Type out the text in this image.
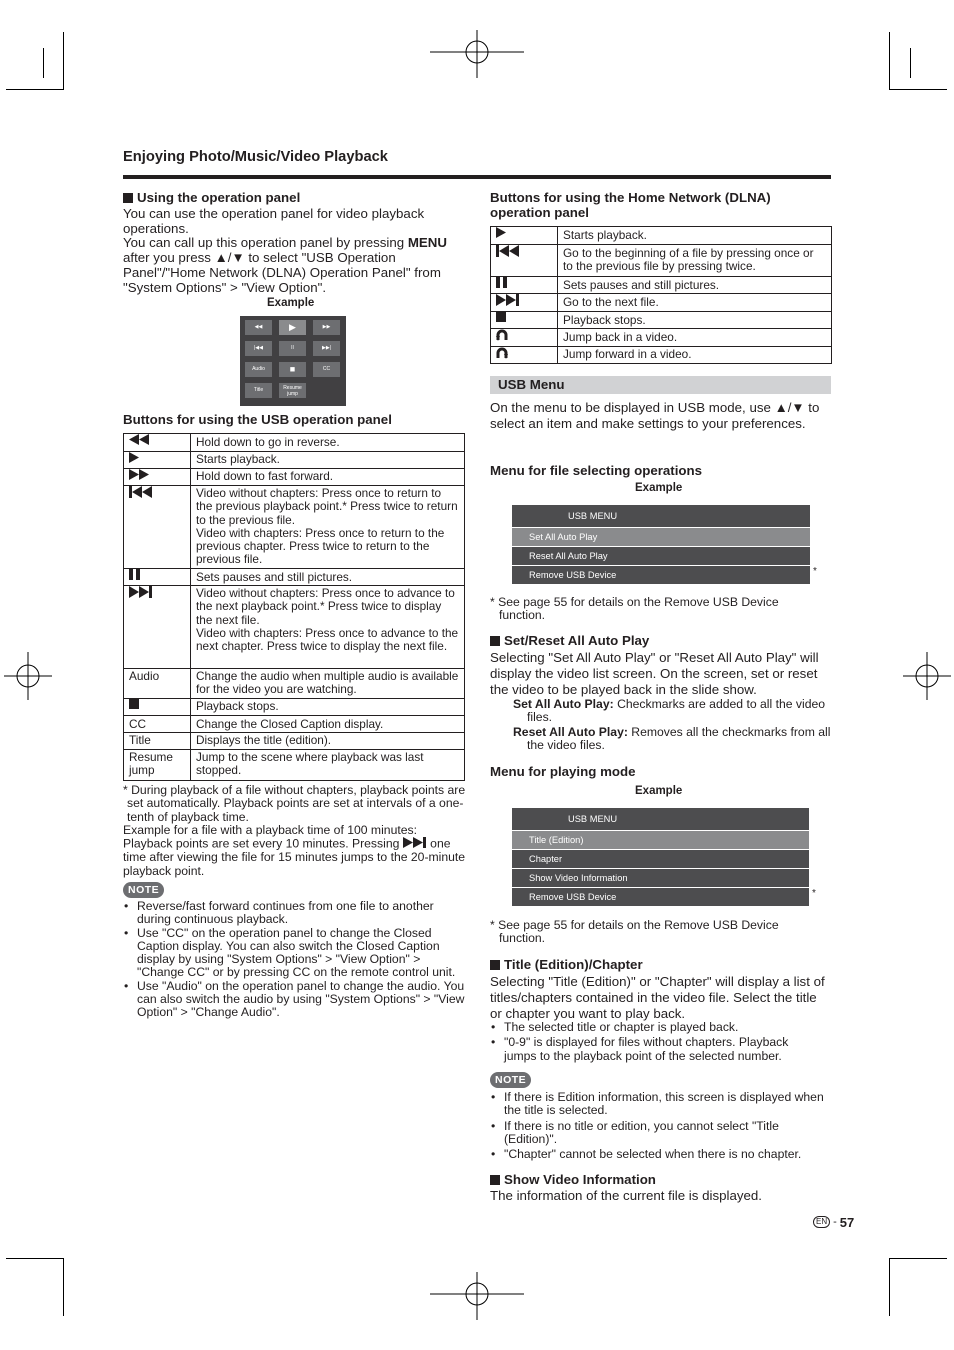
Enjoying Photo/Music/Video Playback
Using the operation panel
You can use the operation panel for video playback operations.
You can call up this operation panel by pressing MENU after you press ▲/▼ to select "USB Operation Panel"/"Home Network (DLNA) Operation Panel" from "System Options" > "View Option".
Example
◀◀	▶	▶▶
|◀◀	II	▶▶|
Audio	■	CC
Title	Resume jump
Buttons for using the USB operation panel
	Hold down to go in reverse.
	Starts playback.
	Hold down to fast forward.
	Video without chapters: Press once to return to the previous playback point.* Press twice to return to the previous file.
Video with chapters: Press once to return to the previous chapter. Press twice to return to the previous file.
	Sets pauses and still pictures.
	Video without chapters: Press once to advance to the next playback point.* Press twice to display the next file.
Video with chapters: Press once to advance to the next chapter. Press twice to display the next file.
Audio	Change the audio when multiple audio is available for the video you are watching.
	Playback stops.
CC	Change the Closed Caption display.
Title	Displays the title (edition).
Resume jump	Jump to the scene where playback was last stopped.
* During playback of a file without chapters, playback points are set automatically. Playback points are set at intervals of a one-tenth of playback time.
Example for a file with a playback time of 100 minutes: Playback points are set every 10 minutes. Pressing	one time after viewing the file for 15 minutes jumps to the 20-minute playback point.
NOTE
• Reverse/fast forward continues from one file to another during continuous playback.
• Use "CC" on the operation panel to change the Closed Caption display. You can also switch the Closed Caption display by using "System Options" > "View Option" > "Change CC" or by pressing CC on the remote control unit.
• Use "Audio" on the operation panel to change the audio. You can also switch the audio by using "System Options" > "View Option" > "Change Audio".
Buttons for using the Home Network (DLNA) operation panel
	Starts playback.
	Go to the beginning of a file by pressing once or to the previous file by pressing twice.
	Sets pauses and still pictures.
	Go to the next file.
	Playback stops.
	Jump back in a video.
	Jump forward in a video.
USB Menu
On the menu to be displayed in USB mode, use ▲/▼ to select an item and make settings to your preferences.
Menu for file selecting operations
Example
USB MENU
Set All Auto Play
Reset All Auto Play
Remove USB Device	*
* See page 55 for details on the Remove USB Device function.
Set/Reset All Auto Play
Selecting "Set All Auto Play" or "Reset All Auto Play" will display the video list screen. On the screen, set or reset the video to be played back in the slide show.
Set All Auto Play: Checkmarks are added to all the video files.
Reset All Auto Play: Removes all the checkmarks from all the video files.
Menu for playing mode
Example
USB MENU
Title (Edition)
Chapter
Show Video Information
Remove USB Device	*
* See page 55 for details on the Remove USB Device function.
Title (Edition)/Chapter
Selecting "Title (Edition)" or "Chapter" will display a list of titles/chapters contained in the video file. Select the title or chapter you want to play back.
• The selected title or chapter is played back.
• "0-9" is displayed for files without chapters. Playback jumps to the playback point of the selected number.
NOTE
• If there is Edition information, this screen is displayed when the title is selected.
• If there is no title or edition, you cannot select "Title (Edition)".
• "Chapter" cannot be selected when there is no chapter.
Show Video Information
The information of the current file is displayed.
EN - 57
